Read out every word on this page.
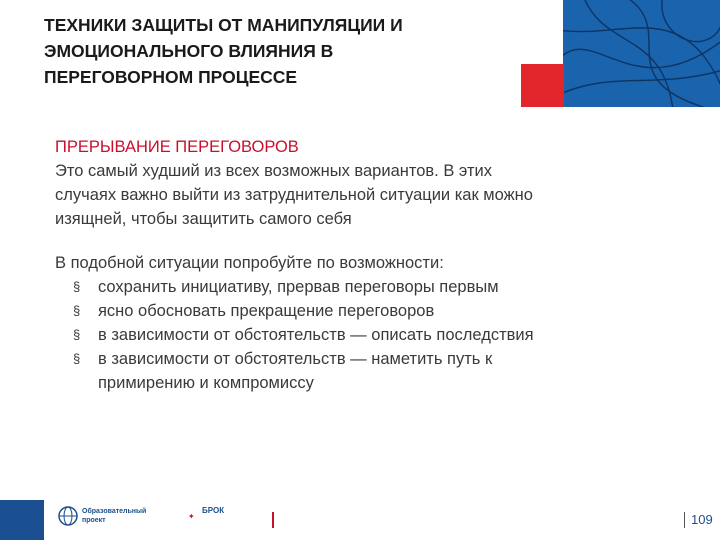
ТЕХНИКИ ЗАЩИТЫ ОТ МАНИПУЛЯЦИИ И
ЭМОЦИОНАЛЬНОГО ВЛИЯНИЯ В
ПЕРЕГОВОРНОМ ПРОЦЕССЕ
ПРЕРЫВАНИЕ ПЕРЕГОВОРОВ

Это самый худший из всех возможных вариантов. В этих
случаях важно выйти из затруднительной ситуации как можно
изящней, чтобы защитить самого себя

В подобной ситуации попробуйте по возможности:

§ сохранить инициативу, прервав переговоры первым
§ ясно обосновать прекращение переговоров
§ в зависимости от обстоятельств — описать последствия
§ в зависимости от обстоятельств — наметить путь к
примирению и компромиссу
Образовательный проект	✦
БРОК
109
